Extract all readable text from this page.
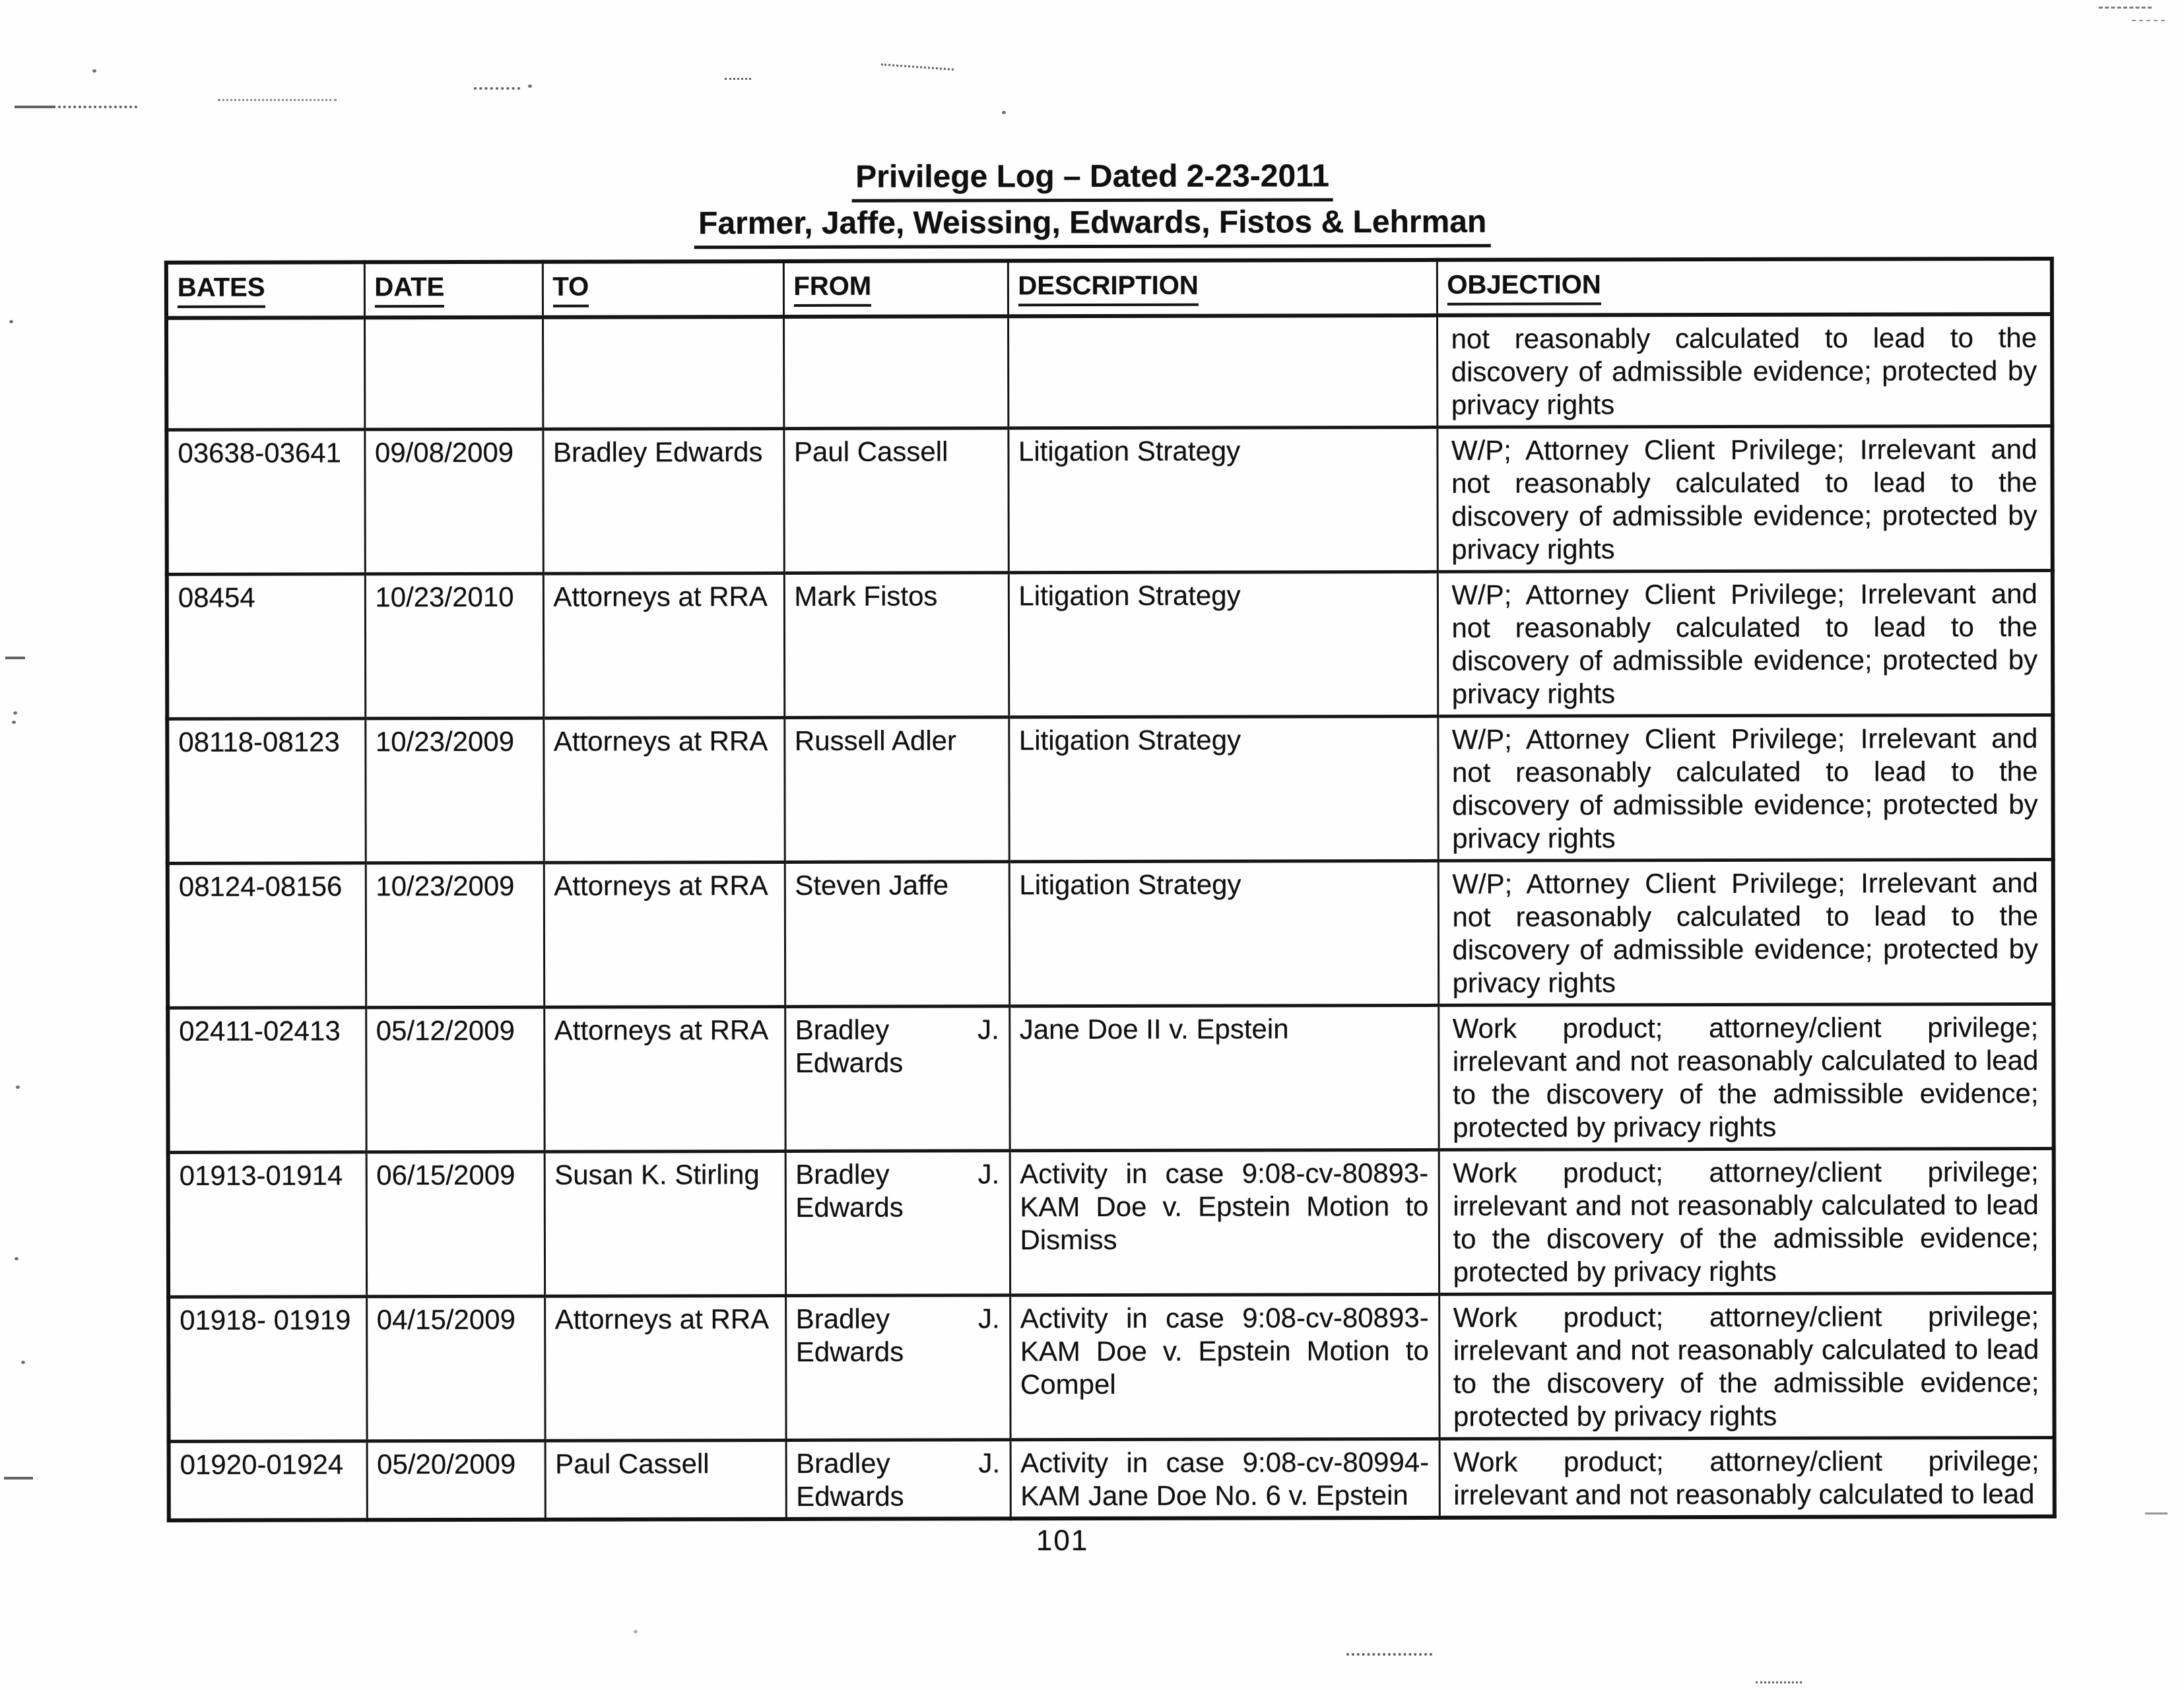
Privilege Log – Dated 2-23-2011
Farmer, Jaffe, Weissing, Edwards, Fistos & Lehrman
BATES	DATE	TO	FROM	DESCRIPTION	OBJECTION
					not reasonably calculated to lead to the discovery of admissible evidence; protected by privacy rights
03638-03641	09/08/2009	Bradley Edwards	Paul Cassell	Litigation Strategy	W/P; Attorney Client Privilege; Irrelevant and not reasonably calculated to lead to the discovery of admissible evidence; protected by privacy rights
08454	10/23/2010	Attorneys at RRA	Mark Fistos	Litigation Strategy	W/P; Attorney Client Privilege; Irrelevant and not reasonably calculated to lead to the discovery of admissible evidence; protected by privacy rights
08118-08123	10/23/2009	Attorneys at RRA	Russell Adler	Litigation Strategy	W/P; Attorney Client Privilege; Irrelevant and not reasonably calculated to lead to the discovery of admissible evidence; protected by privacy rights
08124-08156	10/23/2009	Attorneys at RRA	Steven Jaffe	Litigation Strategy	W/P; Attorney Client Privilege; Irrelevant and not reasonably calculated to lead to the discovery of admissible evidence; protected by privacy rights
02411-02413	05/12/2009	Attorneys at RRA	Bradley J. Edwards	Jane Doe II v. Epstein	Work product; attorney/client privilege; irrelevant and not reasonably calculated to lead to the discovery of the admissible evidence; protected by privacy rights
01913-01914	06/15/2009	Susan K. Stirling	Bradley J. Edwards	Activity in case 9:08-cv-80893-KAM Doe v. Epstein Motion to Dismiss	Work product; attorney/client privilege; irrelevant and not reasonably calculated to lead to the discovery of the admissible evidence; protected by privacy rights
01918- 01919	04/15/2009	Attorneys at RRA	Bradley J. Edwards	Activity in case 9:08-cv-80893-KAM Doe v. Epstein Motion to Compel	Work product; attorney/client privilege; irrelevant and not reasonably calculated to lead to the discovery of the admissible evidence; protected by privacy rights
01920-01924	05/20/2009	Paul Cassell	Bradley J. Edwards	Activity in case 9:08-cv-80994-KAM Jane Doe No. 6 v. Epstein	Work product; attorney/client privilege; irrelevant and not reasonably calculated to lead
101
